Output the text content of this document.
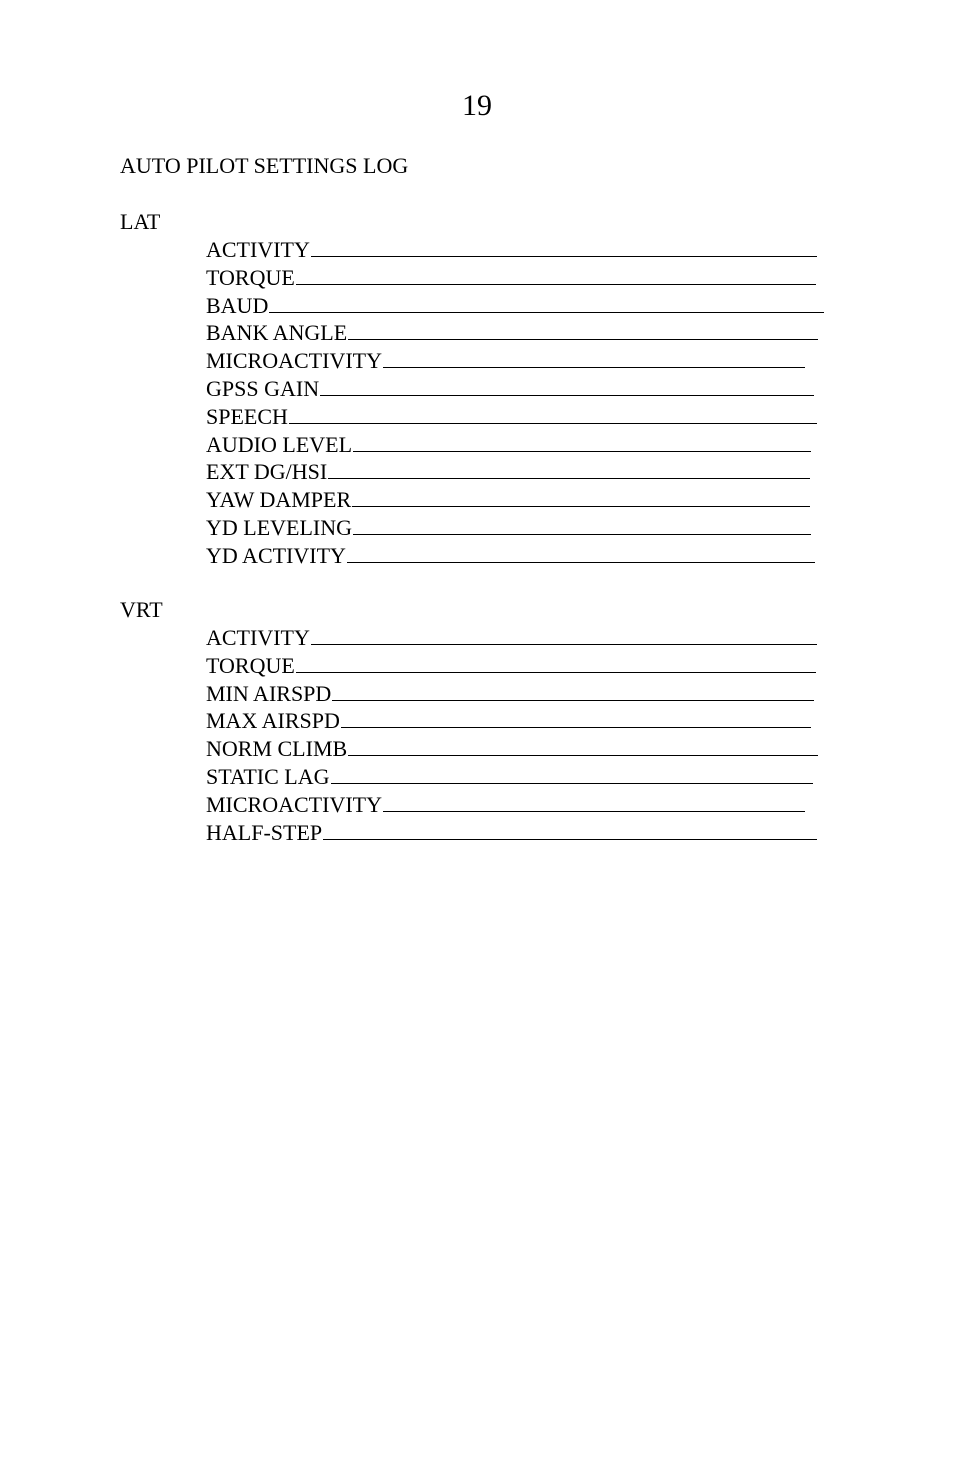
19
AUTO PILOT SETTINGS LOG
LAT
ACTIVITY
TORQUE
BAUD
BANK ANGLE
MICROACTIVITY
GPSS GAIN
SPEECH
AUDIO LEVEL
EXT DG/HSI
YAW DAMPER
YD LEVELING
YD ACTIVITY
VRT
ACTIVITY
TORQUE
MIN AIRSPD
MAX AIRSPD
NORM CLIMB
STATIC LAG
MICROACTIVITY
HALF-STEP
